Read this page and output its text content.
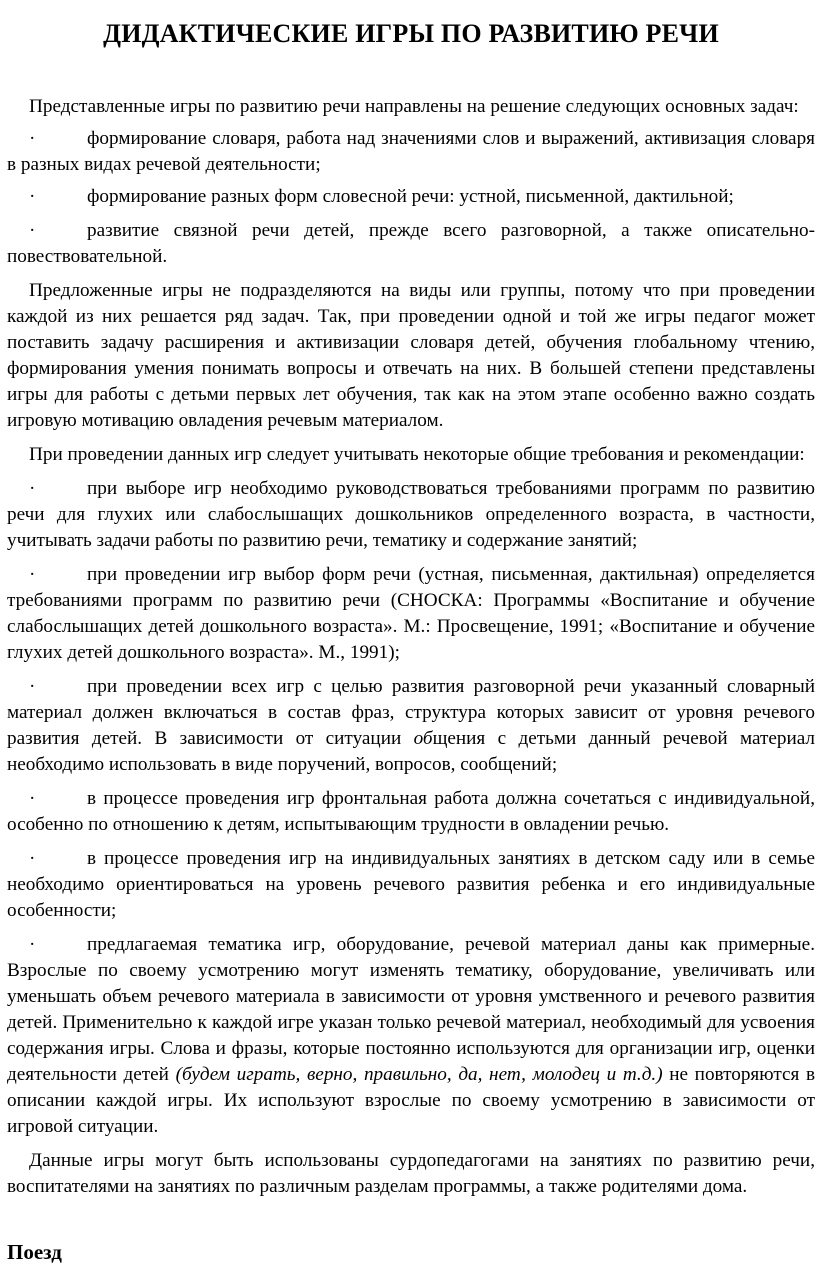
ДИДАКТИЧЕСКИЕ ИГРЫ ПО РАЗВИТИЮ РЕЧИ

Представленные игры по развитию речи направлены на решение следующих основных задач:

·	формирование словаря, работа над значениями слов и выражений, активизация словаря в разных видах речевой деятельности;

·	формирование разных форм словесной речи: устной, письменной, дактильной;

·	развитие связной речи детей, прежде всего разговорной, а также описательно-повествовательной.

Предложенные игры не подразделяются на виды или группы, потому что при проведении каждой из них решается ряд задач. Так, при проведении одной и той же игры педагог может поставить задачу расширения и активизации словаря детей, обучения глобальному чтению, формирования умения понимать вопросы и отвечать на них. В большей степени представлены игры для работы с детьми первых лет обучения, так как на этом этапе особенно важно создать игровую мотивацию овладения речевым материалом.

При проведении данных игр следует учитывать некоторые общие требования и рекомендации:

·	при выборе игр необходимо руководствоваться требованиями программ по развитию речи для глухих или слабослышащих дошкольников определенного возраста, в частности, учитывать задачи работы по развитию речи, тематику и содержание занятий;

·	при проведении игр выбор форм речи (устная, письменная, дактильная) определяется требованиями программ по развитию речи (СНОСКА: Программы «Воспитание и обучение слабослышащих детей дошкольного возраста». М.: Просвещение, 1991; «Воспитание и обучение глухих детей дошкольного возраста». М., 1991);

·	при проведении всех игр с целью развития разговорной речи указанный словарный материал должен включаться в состав фраз, структура которых зависит от уровня речевого развития детей. В зависимости от ситуации общения с детьми данный речевой материал необходимо использовать в виде поручений, вопросов, сообщений;

·	в процессе проведения игр фронтальная работа должна сочетаться с индивидуальной, особенно по отношению к детям, испытывающим трудности в овладении речью.

·	в процессе проведения игр на индивидуальных занятиях в детском саду или в семье необходимо ориентироваться на уровень речевого развития ребенка и его индивидуальные особенности;

·	предлагаемая тематика игр, оборудование, речевой материал даны как примерные. Взрослые по своему усмотрению могут изменять тематику, оборудование, увеличивать или уменьшать объем речевого материала в зависимости от уровня умственного и речевого развития детей. Применительно к каждой игре указан только речевой материал, необходимый для усвоения содержания игры. Слова и фразы, которые постоянно используются для организации игр, оценки деятельности детей (будем играть, верно, правильно, да, нет, молодец и т.д.) не повторяются в описании каждой игры. Их используют взрослые по своему усмотрению в зависимости от игровой ситуации.

Данные игры могут быть использованы сурдопедагогами на занятиях по развитию речи, воспитателями на занятиях по различным разделам программы, а также родителями дома.

Поезд
